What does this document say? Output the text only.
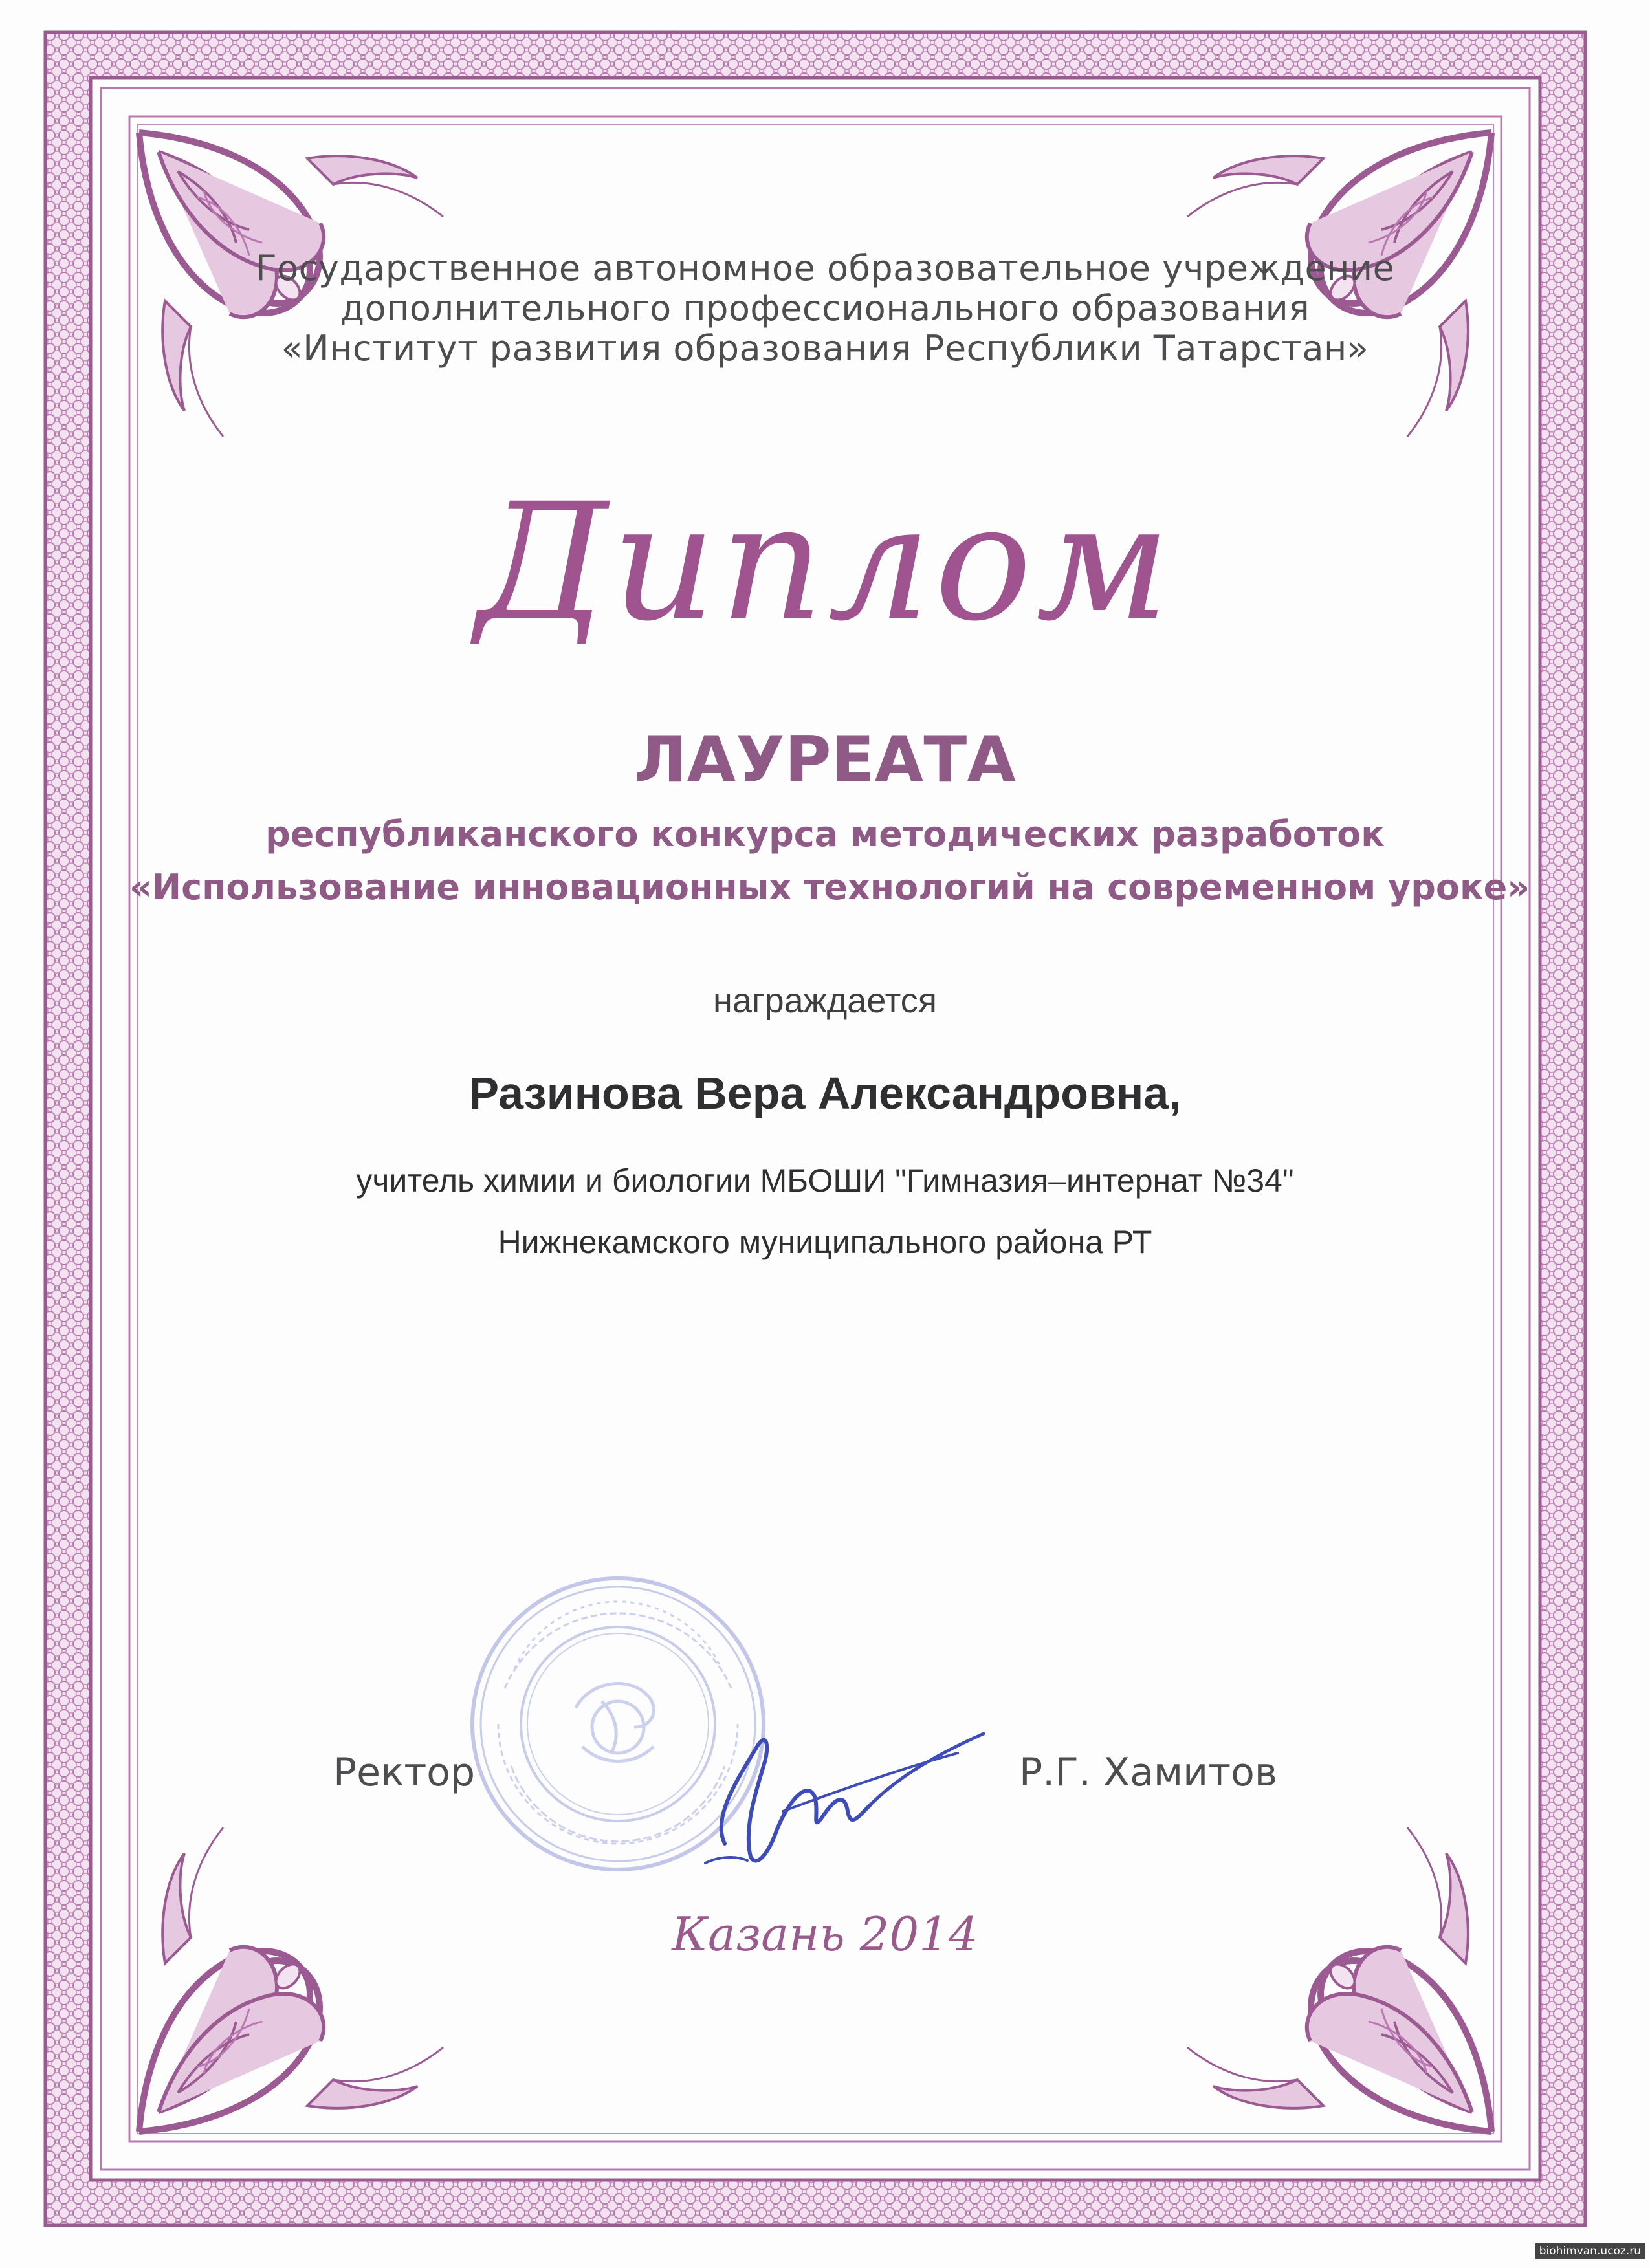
Государственное автономное образовательное учреждение
дополнительного профессионального образования
«Институт развития образования Республики Татарстан»
Диплом
ЛАУРЕАТА
республиканского конкурса методических разработок
«Использование инновационных технологий на современном уроке»
награждается
Разинова Вера Александровна,
учитель химии и биологии МБОШИ "Гимназия–интернат №34"
Нижнекамского муниципального района РТ
Ректор	Р.Г. Хамитов
Казань 2014
biohimvan.ucoz.ru
